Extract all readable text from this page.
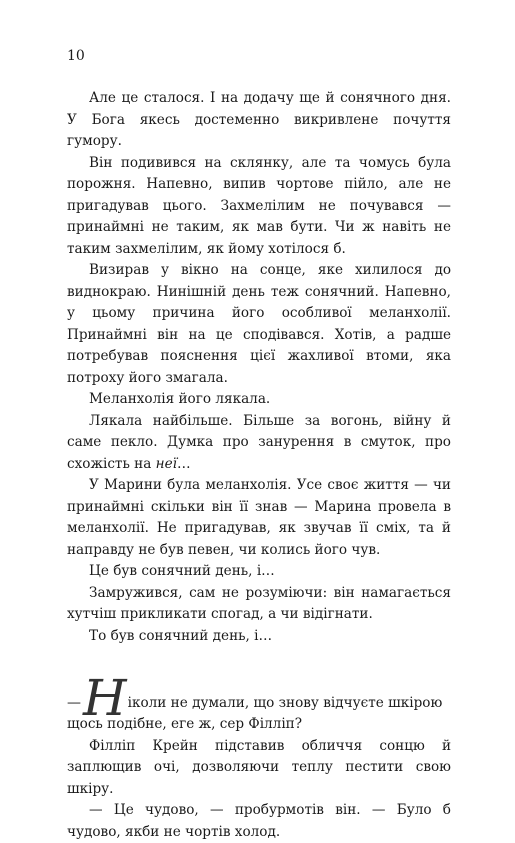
10

Але це сталося. І на додачу ще й сонячного дня. У Бога якесь достеменно викривлене почуття гумору.

Він подивився на склянку, але та чомусь була порожня. Напевно, випив чортове пійло, але не пригадував цього. Захмелілим не почувався — принаймні не таким, як мав бути. Чи ж навіть не таким захмелілим, як йому хотілося б.

Визирав у вікно на сонце, яке хилилося до виднокраю. Нинішній день теж сонячний. Напевно, у цьому причина його особливої меланхолії. Принаймні він на це сподівався. Хотів, а радше потребував пояснення цієї жахливої втоми, яка потроху його змагала.

Меланхолія його лякала.

Лякала найбільше. Більше за вогонь, війну й саме пекло. Думка про занурення в смуток, про схожість на неї…

У Марини була меланхолія. Усе своє життя — чи принаймні скільки він її знав — Марина провела в меланхолії. Не пригадував, як звучав її сміх, та й направду не був певен, чи колись його чув.

Це був сонячний день, і…

Замружився, сам не розуміючи: він намагається хутчіш прикликати спогад, а чи відігнати.

То був сонячний день, і…

— Н іколи не думали, що знову відчуєте шкірою
щось подібне, еге ж, сер Філліп?

Філліп Крейн підставив обличчя сонцю й заплющив очі, дозволяючи теплу пестити свою шкіру.

— Це чудово, — пробурмотів він. — Було б чудово, якби не чортів холод.
